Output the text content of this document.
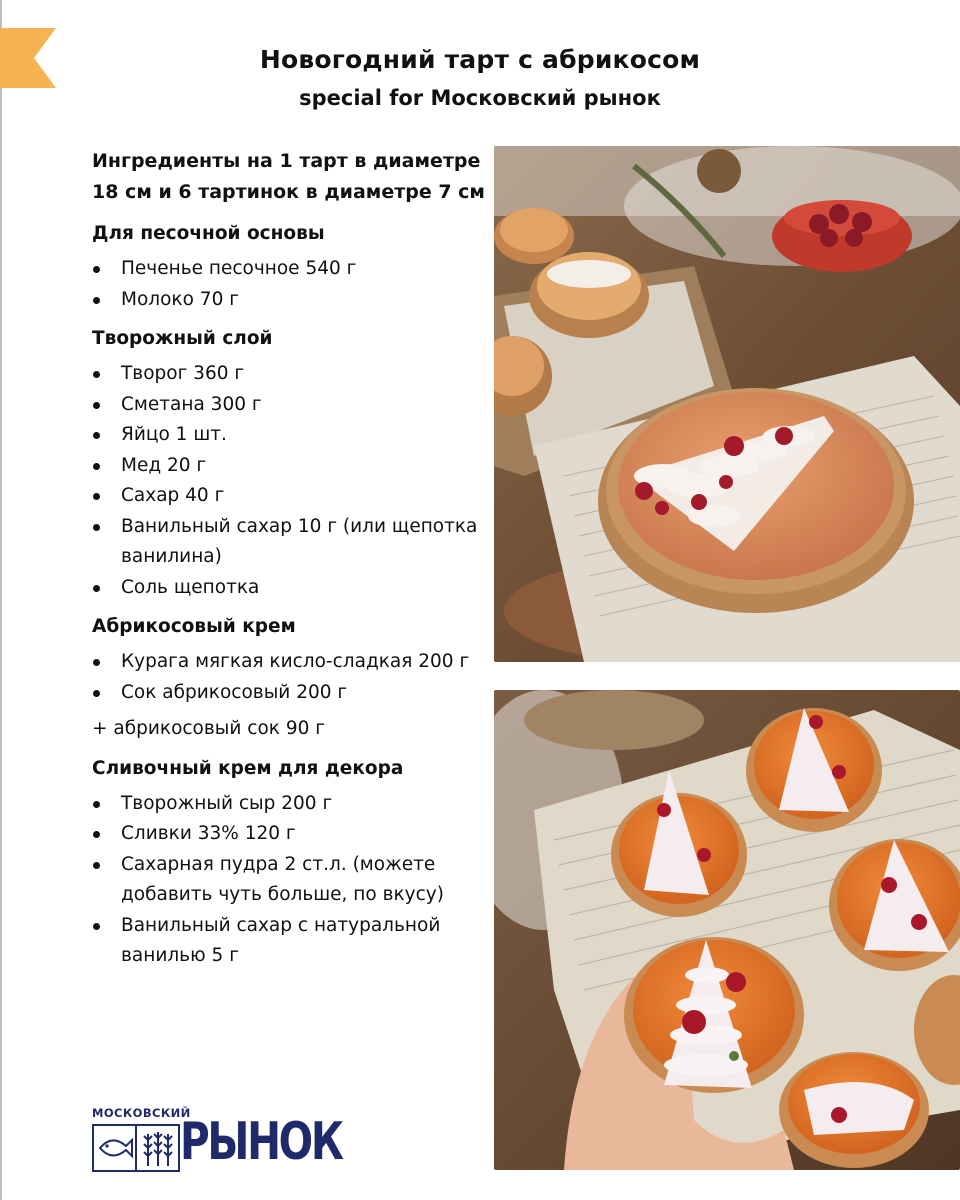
Новогодний тарт с абрикосом
special for Московский рынок
Ингредиенты на 1 тарт в диаметре 18 см и 6 тартинок в диаметре 7 см
Для песочной основы
Печенье песочное 540 г
Молоко 70 г
Творожный слой
Творог 360 г
Сметана 300 г
Яйцо 1 шт.
Мед 20 г
Сахар 40 г
Ванильный сахар 10 г (или щепотка ванилина)
Соль щепотка
Абрикосовый крем
Курага мягкая кисло-сладкая 200 г
Сок абрикосовый 200 г
+ абрикосовый сок 90 г
Сливочный крем для декора
Творожный сыр 200 г
Сливки 33% 120 г
Сахарная пудра 2 ст.л. (можете добавить чуть больше, по вкусу)
Ванильный сахар с натуральной ванилью 5 г
МОСКОВСКИЙ
РЫНОК
